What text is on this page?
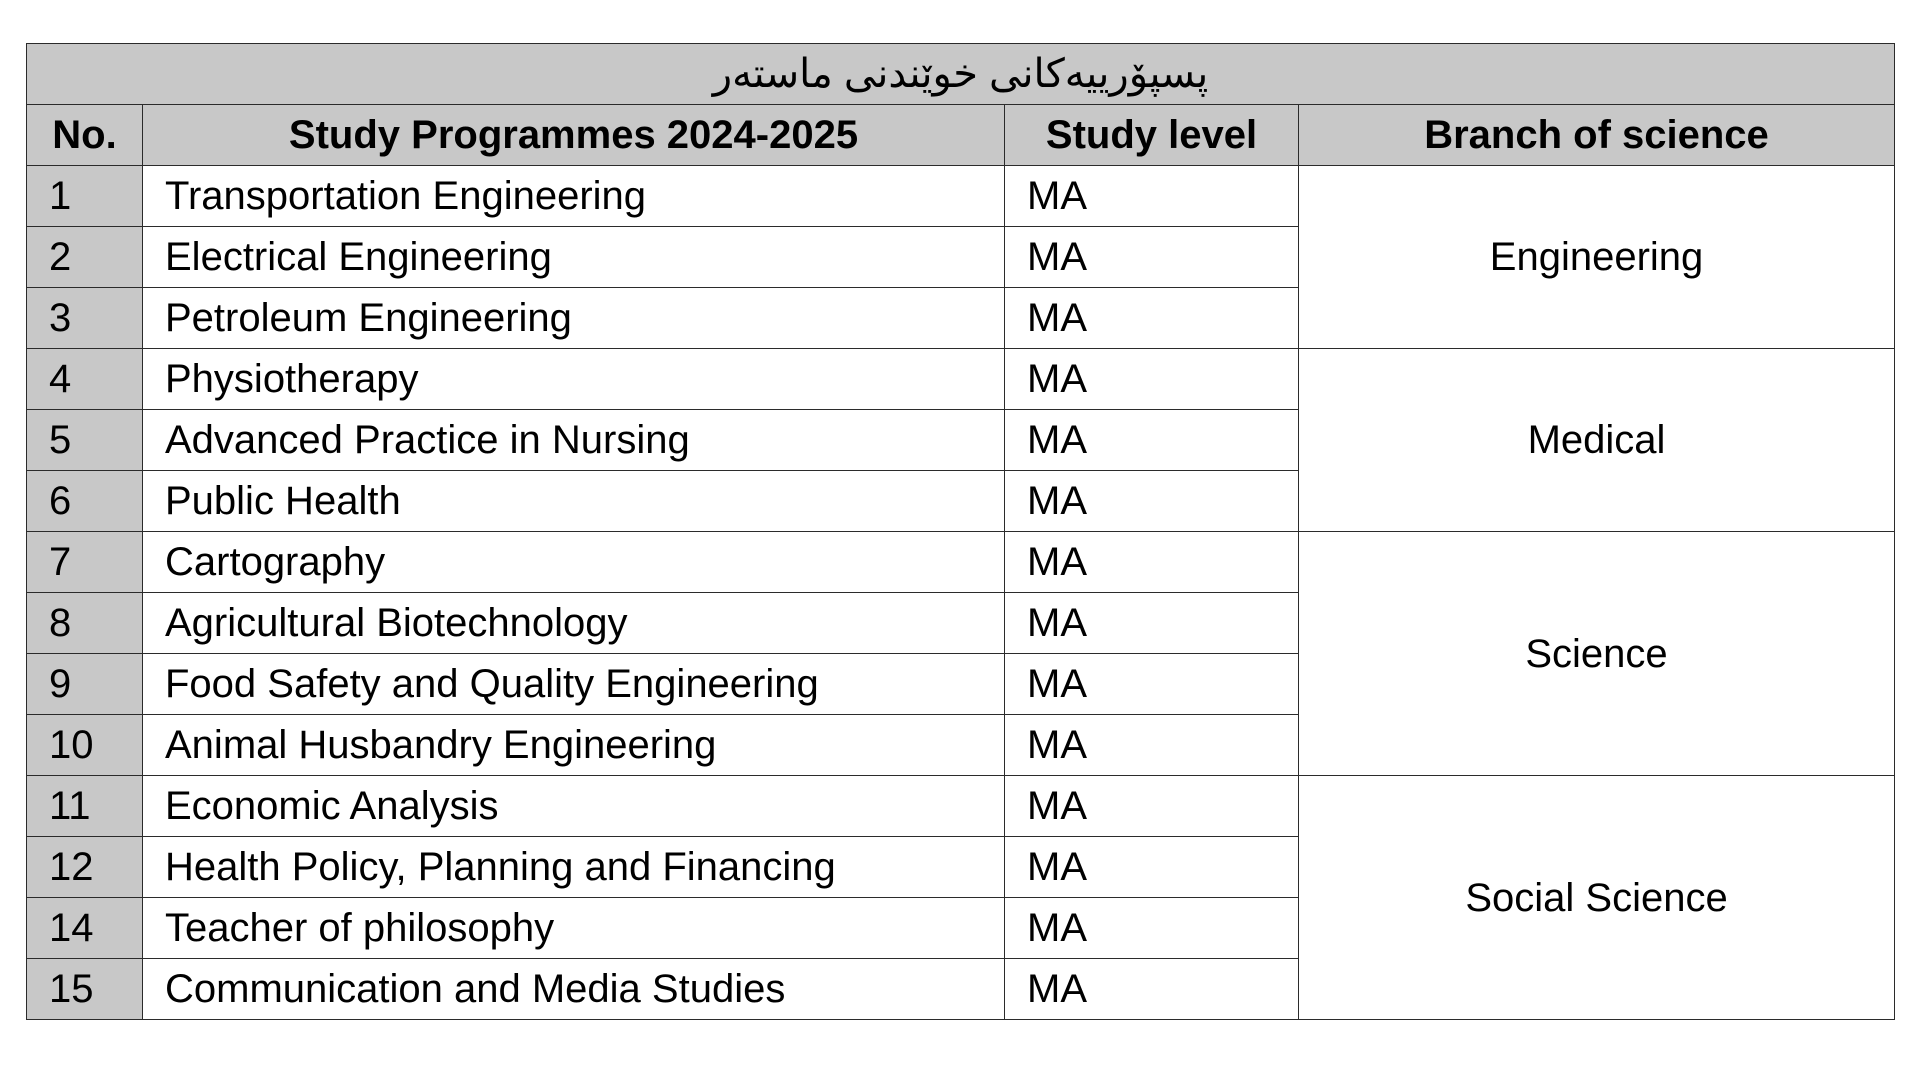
پسپۆرییەکانی خوێندنی ماستەر			
No.	Study Programmes 2024-2025	Study level	Branch of science
1	Transportation Engineering	MA	Engineering
2	Electrical Engineering	MA	
3	Petroleum Engineering	MA	
4	Physiotherapy	MA	Medical
5	Advanced Practice in Nursing	MA	
6	Public Health	MA	
7	Cartography	MA	Science
8	Agricultural Biotechnology	MA	
9	Food Safety and Quality Engineering	MA	
10	Animal Husbandry Engineering	MA	
11	Economic Analysis	MA	Social Science
12	Health Policy, Planning and Financing	MA	
14	Teacher of philosophy	MA	
15	Communication and Media Studies	MA	
